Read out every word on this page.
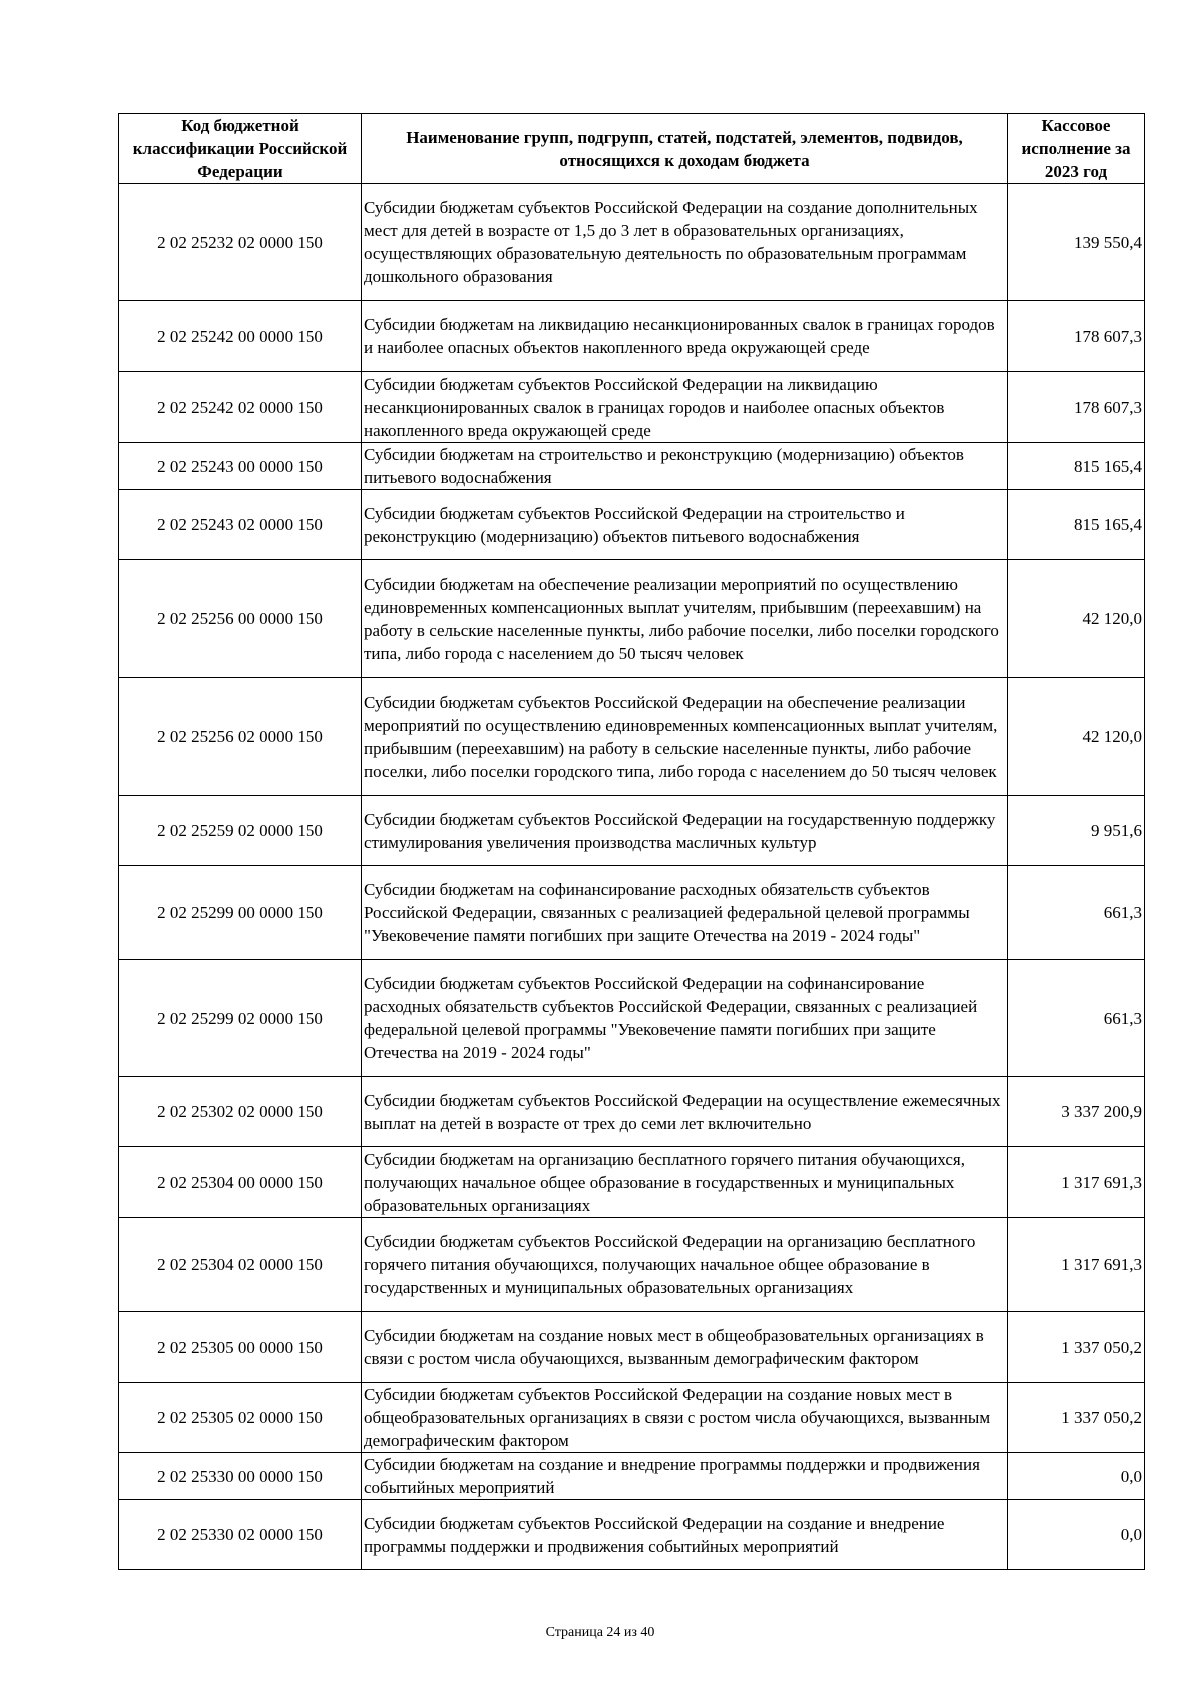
Код бюджетной классификации Российской Федерации	Наименование групп, подгрупп, статей, подстатей, элементов, подвидов, относящихся к доходам бюджета	Кассовое исполнение за 2023 год
2 02 25232 02 0000 150	Субсидии бюджетам субъектов Российской Федерации на создание дополнительных мест для детей в возрасте от 1,5 до 3 лет в образовательных организациях, осуществляющих образовательную деятельность по образовательным программам дошкольного образования	139 550,4
2 02 25242 00 0000 150	Субсидии бюджетам на ликвидацию несанкционированных свалок в границах городов и наиболее опасных объектов накопленного вреда окружающей среде	178 607,3
2 02 25242 02 0000 150	Субсидии бюджетам субъектов Российской Федерации на ликвидацию несанкционированных свалок в границах городов и наиболее опасных объектов накопленного вреда окружающей среде	178 607,3
2 02 25243 00 0000 150	Субсидии бюджетам на строительство и реконструкцию (модернизацию) объектов питьевого водоснабжения	815 165,4
2 02 25243 02 0000 150	Субсидии бюджетам субъектов Российской Федерации на строительство и реконструкцию (модернизацию) объектов питьевого водоснабжения	815 165,4
2 02 25256 00 0000 150	Субсидии бюджетам на обеспечение реализации мероприятий по осуществлению единовременных компенсационных выплат учителям, прибывшим (переехавшим) на работу в сельские населенные пункты, либо рабочие поселки, либо поселки городского типа, либо города с населением до 50 тысяч человек	42 120,0
2 02 25256 02 0000 150	Субсидии бюджетам субъектов Российской Федерации на обеспечение реализации мероприятий по осуществлению единовременных компенсационных выплат учителям, прибывшим (переехавшим) на работу в сельские населенные пункты, либо рабочие поселки, либо поселки городского типа, либо города с населением до 50 тысяч человек	42 120,0
2 02 25259 02 0000 150	Субсидии бюджетам субъектов Российской Федерации на государственную поддержку стимулирования увеличения производства масличных культур	9 951,6
2 02 25299 00 0000 150	Субсидии бюджетам на софинансирование расходных обязательств субъектов Российской Федерации, связанных с реализацией федеральной целевой программы "Увековечение памяти погибших при защите Отечества на 2019 - 2024 годы"	661,3
2 02 25299 02 0000 150	Субсидии бюджетам субъектов Российской Федерации на софинансирование расходных обязательств субъектов Российской Федерации, связанных с реализацией федеральной целевой программы "Увековечение памяти погибших при защите Отечества на 2019 - 2024 годы"	661,3
2 02 25302 02 0000 150	Субсидии бюджетам субъектов Российской Федерации на осуществление ежемесячных выплат на детей в возрасте от трех до семи лет включительно	3 337 200,9
2 02 25304 00 0000 150	Субсидии бюджетам на организацию бесплатного горячего питания обучающихся, получающих начальное общее образование в государственных и муниципальных образовательных организациях	1 317 691,3
2 02 25304 02 0000 150	Субсидии бюджетам субъектов Российской Федерации на организацию бесплатного горячего питания обучающихся, получающих начальное общее образование в государственных и муниципальных образовательных организациях	1 317 691,3
2 02 25305 00 0000 150	Субсидии бюджетам на создание новых мест в общеобразовательных организациях в связи с ростом числа обучающихся, вызванным демографическим фактором	1 337 050,2
2 02 25305 02 0000 150	Субсидии бюджетам субъектов Российской Федерации на создание новых мест в общеобразовательных организациях в связи с ростом числа обучающихся, вызванным демографическим фактором	1 337 050,2
2 02 25330 00 0000 150	Субсидии бюджетам на создание и внедрение программы поддержки и продвижения событийных мероприятий	0,0
2 02 25330 02 0000 150	Субсидии бюджетам субъектов Российской Федерации на создание и внедрение программы поддержки и продвижения событийных мероприятий	0,0
Страница 24 из 40
